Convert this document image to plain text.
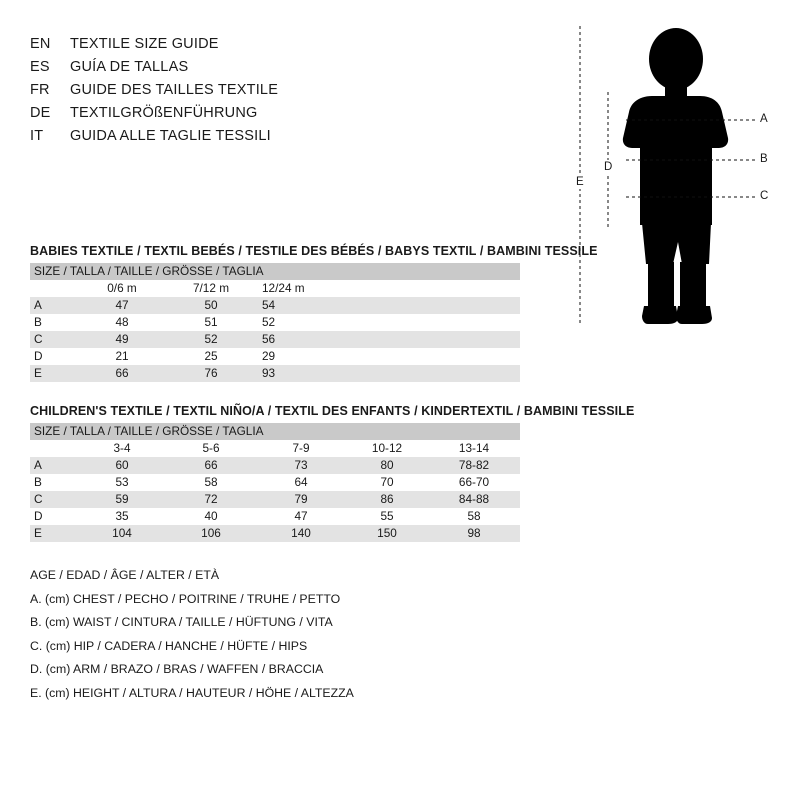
EN	TEXTILE SIZE GUIDE
ES	GUÍA DE TALLAS
FR	GUIDE DES TAILLES TEXTILE
DE	TEXTILGRÖßENFÜHRUNG
IT	GUIDA ALLE TAGLIE TESSILI
BABIES TEXTILE / TEXTIL BEBÉS / TESTILE DES BÉBÉS / BABYS TEXTIL / BAMBINI TESSILE
SIZE / TALLA / TAILLE / GRÖSSE / TAGLIA			
	0/6 m	7/12 m	12/24 m
A	47	50	54
B	48	51	52
C	49	52	56
D	21	25	29
E	66	76	93
CHILDREN'S TEXTILE / TEXTIL NIÑO/A / TEXTIL DES ENFANTS / KINDERTEXTIL / BAMBINI TESSILE
SIZE / TALLA / TAILLE / GRÖSSE / TAGLIA					
	3-4	5-6	7-9	10-12	13-14
A	60	66	73	80	78-82
B	53	58	64	70	66-70
C	59	72	79	86	84-88
D	35	40	47	55	58
E	104	106	140	150	98
AGE / EDAD / ÂGE / ALTER / ETÀ
A. (cm) CHEST / PECHO / POITRINE / TRUHE / PETTO
B. (cm) WAIST / CINTURA / TAILLE / HÜFTUNG / VITA
C. (cm) HIP / CADERA / HANCHE / HÜFTE / HIPS
D. (cm) ARM / BRAZO / BRAS / WAFFEN / BRACCIA
E. (cm) HEIGHT / ALTURA / HAUTEUR / HÖHE / ALTEZZA
A
B
C
D
E
